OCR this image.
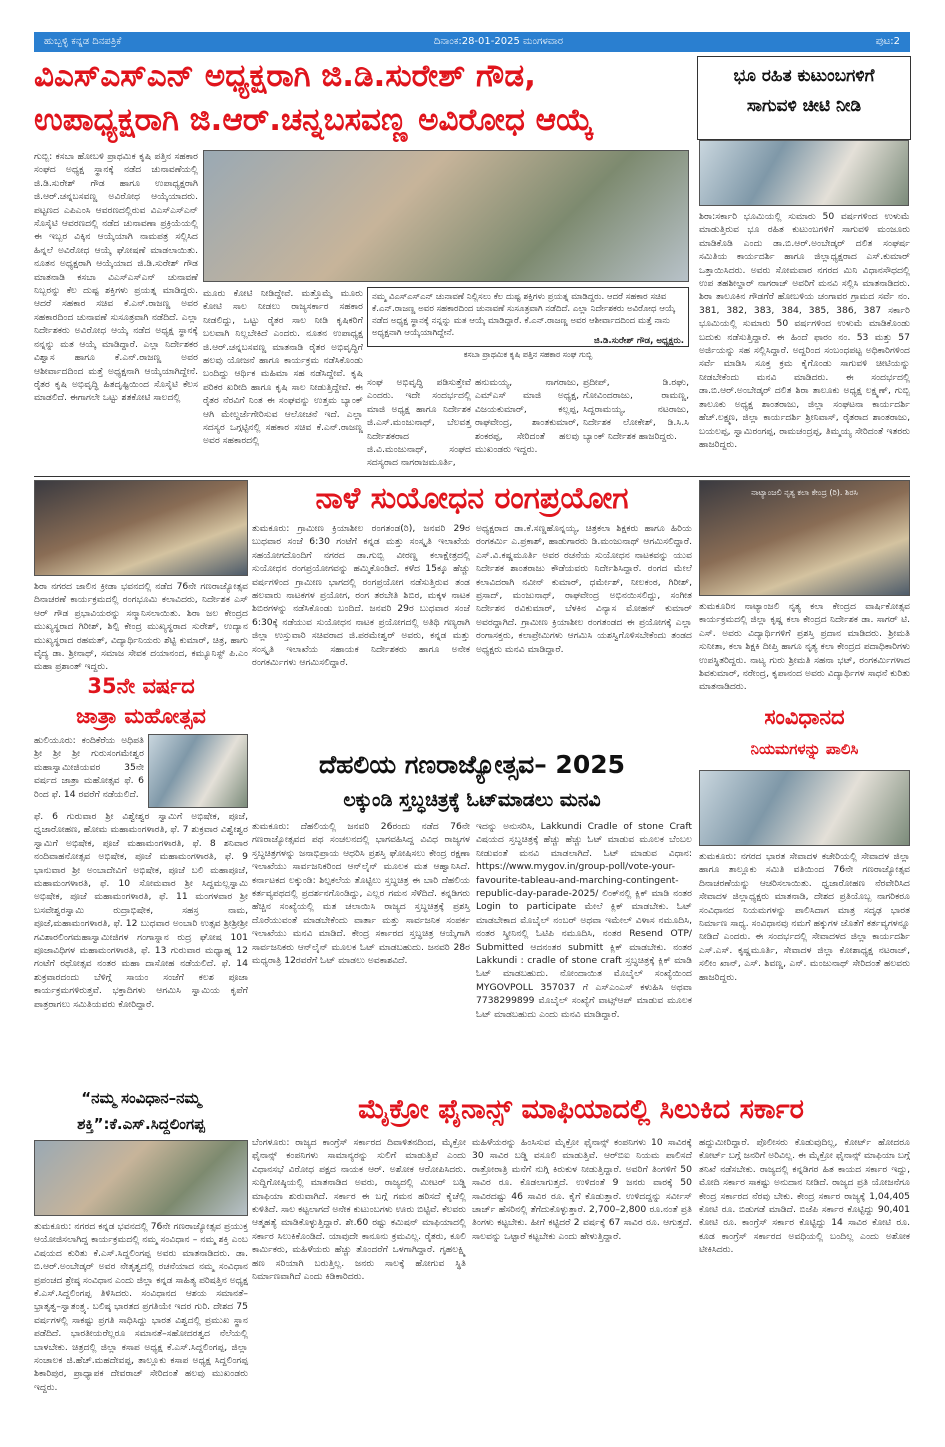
ಹುಬ್ಬಳ್ಳಿ ಕನ್ನಡ ದಿನಪತ್ರಿಕೆ	ದಿನಾಂಕ:28-01-2025 ಮಂಗಳವಾರ	ಪುಟ:2
ವಿಎಸ್ಎಸ್ಎನ್ ಅಧ್ಯಕ್ಷರಾಗಿ ಜಿ.ಡಿ.ಸುರೇಶ್ ಗೌಡ,
ಉಪಾಧ್ಯಕ್ಷರಾಗಿ ಜಿ.ಆರ್.ಚನ್ನಬಸವಣ್ಣ ಅವಿರೋಧ ಆಯ್ಕೆ
ಭೂ ರಹಿತ ಕುಟುಂಬಗಳಿಗೆ
ಸಾಗುವಳಿ ಚೀಟಿ ನೀಡಿ
ಶಿರಾ:ಸರ್ಕಾರಿ ಭೂಮಿಯಲ್ಲಿ ಸುಮಾರು 50 ವರ್ಷಗಳಿಂದ ಉಳುಮೆ ಮಾಡುತ್ತಿರುವ ಭೂ ರಹಿತ ಕುಟುಂಬಗಳಿಗೆ ಸಾಗುವಳಿ ಮಂಜೂರು ಮಾಡಿಕೊಡಿ ಎಂದು ಡಾ.ಬಿ.ಆರ್.ಅಂಬೇಡ್ಕರ್ ದಲಿತ ಸಂಘರ್ಷ ಸಮಿತಿಯ ಕಾರ್ಯದರ್ಶಿ ಹಾಗೂ ಜಿಲ್ಲಾಧ್ಯಕ್ಷರಾದ ಎಸ್.ಕುಮಾರ್ ಒತ್ತಾಯಿಸಿದರು. ಅವರು ಸೋಮವಾರ ನಗರದ ಮಿನಿ ವಿಧಾನಸೌಧದಲ್ಲಿ ಉಪ ತಹಶೀಲ್ದಾರ್ ನಾಗರಾಜ್ ಅವರಿಗೆ ಮನವಿ ಸಲ್ಲಿಸಿ ಮಾತನಾಡಿದರು. ಶಿರಾ ತಾಲೂಕಿನ ಗೌಡಗೆರೆ ಹೋಬಳಿಯ ಚಂಗಾವರ ಗ್ರಾಮದ ಸರ್ವೆ ನಂ. 381, 382, 383, 384, 385, 386, 387 ಸರ್ಕಾರಿ ಭೂಮಿಯಲ್ಲಿ ಸುಮಾರು 50 ವರ್ಷಗಳಿಂದ ಉಳುಮೆ ಮಾಡಿಕೊಂಡು ಬದುಕು ನಡೆಸುತ್ತಿದ್ದಾರೆ. ಈ ಹಿಂದೆ ಫಾರಂ ನಂ. 53 ಮತ್ತು 57 ಅರ್ಜಿಯನ್ನು ಸಹ ಸಲ್ಲಿಸಿದ್ದಾರೆ. ಅದ್ದರಿಂದ ಸಂಬಂಧಪಟ್ಟ ಅಧಿಕಾರಿಗಳಿಂದ ಸರ್ವೆ ಮಾಡಿಸಿ ಸೂಕ್ತ ಕ್ರಮ ಕೈಗೊಂಡು ಸಾಗುವಳಿ ಚೀಟಿಯನ್ನು ನೀಡಬೇಕೆಂದು ಮನವಿ ಮಾಡಿದರು. ಈ ಸಂದರ್ಭದಲ್ಲಿ ಡಾ.ಬಿ.ಆರ್.ಅಂಬೇಡ್ಕರ್ ದಲಿತ ಶಿರಾ ತಾಲೂಕು ಅಧ್ಯಕ್ಷ ಲಕ್ಷ್ಮಣ್, ಗುಬ್ಬಿ ತಾಲೂಕು ಅಧ್ಯಕ್ಷ ಶಾಂತರಾಜು, ಜಿಲ್ಲಾ ಸಂಘಟನಾ ಕಾರ್ಯದರ್ಶಿ ಹೆಚ್.ಲಕ್ಷ್ಮಣ, ಜಿಲ್ಲಾ ಕಾರ್ಯದರ್ಶಿ ಶ್ರೀನಿವಾಸ್, ರೈತರಾದ ಶಾಂತರಾಜು, ಬಯಲಪ್ಪ, ಸ್ವಾಮಿರಂಗಪ್ಪ, ರಾಮಚಂದ್ರಪ್ಪ, ತಿಮ್ಮಯ್ಯ ಸೇರಿದಂತೆ ಇತರರು ಹಾಜರಿದ್ದರು.
ಗುಬ್ಬಿ: ಕಸಬಾ ಹೋಬಳಿ ಪ್ರಾಥಮಿಕ ಕೃಷಿ ಪತ್ತಿನ ಸಹಕಾರ ಸಂಘದ ಅಧ್ಯಕ್ಷ ಸ್ಥಾನಕ್ಕೆ ನಡೆದ ಚುನಾವಣೆಯಲ್ಲಿ ಜಿ.ಡಿ.ಸುರೇಶ್ ಗೌಡ ಹಾಗೂ ಉಪಾಧ್ಯಕ್ಷರಾಗಿ ಜಿ.ಆರ್.ಚನ್ನಬಸವಣ್ಣ ಅವಿರೋಧ ಆಯ್ಕೆಯಾದರು. ಪಟ್ಟಣದ ಎಪಿಎಂಸಿ ಆವರಣದಲ್ಲಿರುವ ವಿಎಸ್ಎಸ್ಎನ್ ಸೊಸೈಟಿ ಆವರಣದಲ್ಲಿ ನಡೆದ ಚುನಾವಣಾ ಪ್ರಕ್ರಿಯೆಯಲ್ಲಿ ಈ ಇಬ್ಬರ ವಿಕ್ಕಿನ ಆಯ್ಕೆಯಾಗಿ ನಾಮಪತ್ರ ಸಲ್ಲಿಸಿದ ಹಿನ್ನಲೆ ಅವಿರೋಧ ಆಯ್ಕೆ ಘೋಷಣೆ ಮಾಡಲಾಯಿತು. ನೂತನ ಅಧ್ಯಕ್ಷರಾಗಿ ಆಯ್ಕೆಯಾದ ಜಿ.ಡಿ.ಸುರೇಶ್ ಗೌಡ ಮಾತನಾಡಿ ಕಸಬಾ ವಿಎಸ್ಎಸ್ಎನ್ ಚುನಾವಣೆ ನಿಬ್ಬರನ್ನು ಕೆಲ ದುಷ್ಟ ಶಕ್ತಿಗಳು ಪ್ರಯತ್ನ ಮಾಡಿದ್ದರು. ಆದರೆ ಸಹಕಾರ ಸಚಿವ ಕೆ.ಎನ್.ರಾಜಣ್ಣ ಅವರ ಸಹಕಾರದಿಂದ ಚುನಾವಣೆ ಸುಸೂತ್ರವಾಗಿ ನಡೆದಿದೆ. ಎಲ್ಲಾ ನಿರ್ದೇಶಕರು ಅವಿರೋಧ ಆಯ್ಕೆ ನಡೆದ ಅಧ್ಯಕ್ಷ ಸ್ಥಾನಕ್ಕೆ ನನ್ನನ್ನು ಮತ ಆಯ್ಕೆ ಮಾಡಿದ್ದಾರೆ. ಎಲ್ಲಾ ನಿರ್ದೇಶಕರ ವಿಶ್ವಾಸ ಹಾಗೂ ಕೆ.ಎನ್.ರಾಜಣ್ಣ ಅವರ ಆಶೀರ್ವಾದದಿಂದ ಮತ್ತೆ ಅಧ್ಯಕ್ಷನಾಗಿ ಆಯ್ಕೆಯಾಗಿದ್ದೇನೆ. ರೈತರ ಕೃಷಿ ಅಭಿವೃದ್ಧಿ ಹಿತದೃಷ್ಟಿಯಿಂದ ಸೊಸೈಟಿ ಕೆಲಸ ಮಾಡಲಿದೆ. ಈಗಾಗಲೇ ಒಟ್ಟು ಶತಕೋಟಿ ಸಾಲದಲ್ಲಿ
ಮೂರು ಕೋಟಿ ನೀಡಿದ್ದೇವೆ. ಮತ್ತೊಮ್ಮೆ ಮೂರು ಕೋಟಿ ಸಾಲ ನೀಡಲು ರಾಜ್ಯಸರ್ಕಾರ ಸಹಕಾರ ನೀಡಲಿದ್ದು, ಒಟ್ಟು ರೈತರ ಸಾಲ ನೀಡಿ ಕೃಷಿಕರಿಗೆ ಬಲವಾಗಿ ನಿಲ್ಲಬೇಕಿದೆ ಎಂದರು. ನೂತನ ಉಪಾಧ್ಯಕ್ಷ ಜಿ.ಆರ್.ಚನ್ನಬಸವಣ್ಣ ಮಾತನಾಡಿ ರೈತರ ಅಭಿವೃದ್ಧಿಗೆ ಹಲವು ಯೋಜನೆ ಹಾಗೂ ಕಾರ್ಯಕ್ರಮ ನಡೆಸಿಕೊಂಡು ಬಂದಿದ್ದು ಆರ್ಥಿಕ ಮಹಿಮಾ ಸಹ ನಡೆಸಿದ್ದೇವೆ. ಕೃಷಿ ಪರಿಕರ ಖರೀದಿ ಹಾಗೂ ಕೃಷಿ ಸಾಲ ನೀಡುತ್ತಿದ್ದೇವೆ. ಈ ರೈತರ ನೆರವಿಗೆ ನಿಂತ ಈ ಸಂಘವನ್ನು ಉತ್ತಮ ಬ್ಯಾಂಕ್ ಆಗಿ ಮೇಲ್ದರ್ಜೆಗೇರಿಸುವ ಆಲೋಚನೆ ಇದೆ. ಎಲ್ಲಾ ಸದಸ್ಯರ ಒಗ್ಗಟ್ಟಿನಲ್ಲಿ ಸಹಕಾರ ಸಚಿವ ಕೆ.ಎನ್.ರಾಜಣ್ಣ ಅವರ ಸಹಕಾರದಲ್ಲಿ
ನಮ್ಮ ವಿಎಸ್ಎಸ್ಎನ್ ಚುನಾವಣೆ ನಿಲ್ಲಿಸಲು ಕೆಲ ದುಷ್ಟ ಶಕ್ತಿಗಳು ಪ್ರಯತ್ನ ಮಾಡಿದ್ದರು. ಆದರೆ ಸಹಕಾರ ಸಚಿವ ಕೆ.ಎನ್.ರಾಜಣ್ಣ ಅವರ ಸಹಕಾರದಿಂದ ಚುನಾವಣೆ ಸುಸೂತ್ರವಾಗಿ ನಡೆದಿದೆ. ಎಲ್ಲಾ ನಿರ್ದೇಶಕರು ಅವಿರೋಧ ಆಯ್ಕೆ ನಡೆದ ಅಧ್ಯಕ್ಷ ಸ್ಥಾನಕ್ಕೆ ನನ್ನನ್ನು ಮತ ಆಯ್ಕೆ ಮಾಡಿದ್ದಾರೆ. ಕೆ.ಎನ್.ರಾಜಣ್ಣ ಅವರ ಆಶೀರ್ವಾದದಿಂದ ಮತ್ತೆ ನಾನು ಅಧ್ಯಕ್ಷನಾಗಿ ಆಯ್ಕೆಯಾಗಿದ್ದೇನೆ.
ಜಿ.ಡಿ.ಸುರೇಶ್ ಗೌಡ, ಅಧ್ಯಕ್ಷರು.
ಕಸಬಾ ಪ್ರಾಥಮಿಕ ಕೃಷಿ ಪತ್ತಿನ ಸಹಕಾರ ಸಂಘ ಗುಬ್ಬಿ
ಸಂಘ ಅಭಿವೃದ್ಧಿ ಪಡಿಸುತ್ತೇವೆ ಎಂದರು. ಇದೇ ಸಂದರ್ಭದಲ್ಲಿ ಮಾಜಿ ಅಧ್ಯಕ್ಷ ಹಾಗೂ ನಿರ್ದೇಶಕ ಜಿ.ಎಸ್.ಮಂಜುನಾಥ್, ಬೆಲವತ್ತ ನಿರ್ದೇಶಕರಾದ ಜಿ.ವಿ.ಮಂಜುನಾಥ್, ಸಂಘದ ಸದಸ್ಯರಾದ ನಾಗರಾಜಮೂರ್ತಿ,
ಹನುಮಯ್ಯ, ನಾಗರಾಜು, ಎಮ್‌ಎಸ್ ಮಾಜಿ ಅಧ್ಯಕ್ಷ, ವಿಜಯಕುಮಾರ್, ಕಲ್ಲಪ್ಪ, ರಾಘವೇಂದ್ರ, ಶಾಂತಕುಮಾರ್, ಶಂಕರಪ್ಪ, ಸೇರಿದಂತೆ ಹಲವು ಮುಖಂಡರು ಇದ್ದರು.
ಪ್ರದೀಪ್, ಡಿ.ರಘು, ಗೋವಿಂದರಾಜು, ರಾಮಣ್ಣ, ಸಿದ್ದರಾಮಯ್ಯ, ನಟರಾಜು, ನಿರ್ದೇಶಕ ಲೋಕೇಶ್, ಡಿ.ಸಿ.ಸಿ ಬ್ಯಾಂಕ್ ನಿರ್ದೇಶಕ ಹಾಜರಿದ್ದರು.
ಶಿರಾ ನಗರದ ಜಾಲಿನ ಕ್ರೀಡಾ ಭವನದಲ್ಲಿ ನಡೆದ 76ನೇ ಗಣರಾಜ್ಯೋತ್ಸವ ದಿನಾಚರಣೆ ಕಾರ್ಯಕ್ರಮದಲ್ಲಿ ರಂಗಭೂಮಿ ಕಲಾವಿದರು, ನಿರ್ದೇಶಕ ಎಸ್ ಆರ್ ಗೌಡ ಪ್ರಭಾವಿಯರನ್ನು ಸನ್ಮಾನಿಸಲಾಯಿತು. ಶಿರಾ ಜಲ ಕೇಂದ್ರದ ಮುಖ್ಯಸ್ಥರಾದ ಗಿರೀಶ್, ಶಿಲ್ಪಿ ಕೇಂದ್ರ ಮುಖ್ಯಸ್ಥರಾದ ಸುರೇಶ್, ಉದ್ಯಾನ ಮುಖ್ಯಸ್ಥರಾದ ರಹಮತ್, ವಿದ್ಯಾರ್ಥಿನಿಯರು ಶೆಟ್ಟಿ ಕುಮಾರ್, ಚಿತ್ರ, ಹಾಗು ವೈದ್ಯ ಡಾ. ಶ್ರೀನಾಥ್, ಸಮಾಜ ಸೇವಕ ದಯಾನಂದ, ಕಮ್ಯೂನಿಸ್ಟ್ ಪಿ.ಎಂ ಮಹಾ ಪ್ರಶಾಂತ್ ಇದ್ದರು.
ನಾಳೆ ಸುಯೋಧನ ರಂಗಪ್ರಯೋಗ
ತುಮಕೂರು: ಗ್ರಾಮೀಣ ಕ್ರಿಯಾಶೀಲ ರಂಗತಂಡ(ರಿ), ಜನವರಿ 29ರ ಬುಧವಾರ ಸಂಜೆ 6:30 ಗಂಟೆಗೆ ಕನ್ನಡ ಮತ್ತು ಸಂಸ್ಕೃತಿ ಇಲಾಖೆಯ ಸಹಯೋಗದೊಂದಿಗೆ ನಗರದ ಡಾ.ಗುಬ್ಬಿ ವೀರಣ್ಣ ಕಲಾಕ್ಷೇತ್ರದಲ್ಲಿ ಸುಯೋಧನ ರಂಗಪ್ರಯೋಗವನ್ನು ಹಮ್ಮಿಕೊಂಡಿದೆ. ಕಳೆದ 15ಕ್ಕೂ ಹೆಚ್ಚು ವರ್ಷಗಳಿಂದ ಗ್ರಾಮೀಣ ಭಾಗದಲ್ಲಿ ರಂಗಪ್ರಯೋಗ ನಡೆಸುತ್ತಿರುವ ತಂಡ ಹಲವಾರು ನಾಟಕಗಳ ಪ್ರಯೋಗ, ರಂಗ ತರಬೇತಿ ಶಿಬಿರ, ಮಕ್ಕಳ ನಾಟಕ ಶಿಬಿರಗಳನ್ನು ನಡೆಸಿಕೊಂಡು ಬಂದಿದೆ. ಜನವರಿ 29ರ ಬುಧವಾರ ಸಂಜೆ 6:30ಕ್ಕೆ ನಡೆಯುವ ಸುಯೋಧನ ನಾಟಕ ಪ್ರಯೋಗದಲ್ಲಿ ಅತಿಥಿ ಗಣ್ಯರಾಗಿ ಜಿಲ್ಲಾ ಉಸ್ತುವಾರಿ ಸಚಿವರಾದ ಜಿ.ಪರಮೇಶ್ವರ್ ಅವರು, ಕನ್ನಡ ಮತ್ತು ಸಂಸ್ಕೃತಿ ಇಲಾಖೆಯ ಸಹಾಯಕ ನಿರ್ದೇಶಕರು ಹಾಗೂ ಅನೇಕ ರಂಗಕರ್ಮಿಗಳು ಆಗಮಿಸಲಿದ್ದಾರೆ.
ಅಧ್ಯಕ್ಷರಾದ ಡಾ.ಕೆ.ಸಣ್ಣಹೊನ್ನಯ್ಯ, ಚಿತ್ರಕಲಾ ಶಿಕ್ಷಕರು ಹಾಗೂ ಹಿರಿಯ ರಂಗಕರ್ಮಿ ಎ.ಪ್ರಕಾಶ್, ಹಾಡುಗಾರರು ಡಿ.ಮಂಜುನಾಥ್ ಆಗಮಿಸಲಿದ್ದಾರೆ. ಎಸ್.ವಿ.ಕಷ್ಣಮೂರ್ತಿ ಅವರ ರಚನೆಯ ಸುಯೋಧನ ನಾಟಕವನ್ನು ಯುವ ನಿರ್ದೇಶಕ ಶಾಂತರಾಜು ಕೌಡೆಯವರು ನಿರ್ದೇಶಿಸಿದ್ದಾರೆ. ರಂಗದ ಮೇಲೆ ಕಲಾವಿದರಾಗಿ ನವೀನ್ ಕುಮಾರ್, ಧರ್ಮೇಶ್, ನೀಲಕಂಠ, ಗಿರೀಶ್, ಪ್ರಸಾದ್, ಮಂಜುನಾಥ್, ರಾಘವೇಂದ್ರ ಅಭಿನಯಿಸಲಿದ್ದು, ಸಂಗೀತ ನಿರ್ದೇಶನ ರವಿಕುಮಾರ್, ಬೆಳಕಿನ ವಿನ್ಯಾಸ ಮೋಹನ್ ಕುಮಾರ್ ಅವರದ್ದಾಗಿದೆ. ಗ್ರಾಮೀಣ ಕ್ರಿಯಾಶೀಲ ರಂಗತಂಡದ ಈ ಪ್ರಯೋಗಕ್ಕೆ ಎಲ್ಲಾ ರಂಗಾಸಕ್ತರು, ಕಲಾಪ್ರೇಮಿಗಳು ಆಗಮಿಸಿ ಯಶಸ್ವಿಗೊಳಿಸಬೇಕೆಂದು ತಂಡದ ಅಧ್ಯಕ್ಷರು ಮನವಿ ಮಾಡಿದ್ದಾರೆ.
ನಾಟ್ಯಾಂಜಲಿ ನೃತ್ಯ ಕಲಾ ಕೇಂದ್ರ (ರಿ). ಶಿರಸಿ
ತುಮಕೂರಿನ ನಾಟ್ಯಾಂಜಲಿ ನೃತ್ಯ ಕಲಾ ಕೇಂದ್ರದ ವಾರ್ಷಿಕೋತ್ಸವ ಕಾರ್ಯಕ್ರಮದಲ್ಲಿ ಜಿಲ್ಲಾ ಕೃಷ್ಣ ಕಲಾ ಕೇಂದ್ರದ ನಿರ್ದೇಶಕ ಡಾ. ಸಾಗರ್ ಟಿ. ಎಸ್. ಅವರು ವಿದ್ಯಾರ್ಥಿಗಳಿಗೆ ಪ್ರಶಸ್ತಿ ಪ್ರದಾನ ಮಾಡಿದರು. ಶ್ರೀಮತಿ ಸುನೀತಾ, ಕಲಾ ಶಿಕ್ಷಕಿ ದೀಪ್ತಿ ಹಾಗೂ ನೃತ್ಯ ಕಲಾ ಕೇಂದ್ರದ ಪದಾಧಿಕಾರಿಗಳು ಉಪಸ್ಥಿತರಿದ್ದರು. ನಾಟ್ಯ ಗುರು ಶ್ರೀಮತಿ ಸಹನಾ ಭಟ್, ರಂಗಕರ್ಮಿಗಳಾದ ಶಿವಕುಮಾರ್, ನರೇಂದ್ರ, ಕೃಪಾನಂದ ಅವರು ವಿದ್ಯಾರ್ಥಿಗಳ ಸಾಧನೆ ಕುರಿತು ಮಾತನಾಡಿದರು.
35ನೇ ವರ್ಷದ
ಜಾತ್ರಾ ಮಹೋತ್ಸವ
ಹುಲಿಯೂರು: ಕಂದಿಕೆರೆಯ ಅಧಿಪತಿ ಶ್ರೀ ಶ್ರೀ ಶ್ರೀ ಗುರುಸಂಗಮೇಶ್ವರ ಮಹಾಸ್ವಾಮೀಜಿಯವರ 35ನೇ ವರ್ಷದ ಜಾತ್ರಾ ಮಹೋತ್ಸವ ಫೆ. 6 ರಿಂದ ಫೆ. 14 ರವರೆಗೆ ನಡೆಯಲಿದೆ.
ಫೆ. 6 ಗುರುವಾರ ಶ್ರೀ ವಿಶ್ವೇಶ್ವರ ಸ್ವಾಮಿಗೆ ಅಭಿಷೇಕ, ಪೂಜೆ, ಧ್ವಜಾರೋಹಣ, ಹೋಮ ಮಹಾಮಂಗಳಾರತಿ, ಫೆ. 7 ಶುಕ್ರವಾರ ವಿಶ್ವೇಶ್ವರ ಸ್ವಾಮಿಗೆ ಅಭಿಷೇಕ, ಪೂಜೆ ಮಹಾಮಂಗಳಾರತಿ, ಫೆ. 8 ಶನಿವಾರ ನಂದಿವಾಹನೋತ್ಸವ ಅಭಿಷೇಕ, ಪೂಜೆ ಮಹಾಮಂಗಳಾರತಿ, ಫೆ. 9 ಭಾನುವಾರ ಶ್ರೀ ಅಂಬಾದೇವಿಗೆ ಅಭಿಷೇಕ, ಪೂಜೆ ಬಲಿ ಮಹಾಪೂಜೆ, ಮಹಾಮಂಗಳಾರತಿ, ಫೆ. 10 ಸೋಮವಾರ ಶ್ರೀ ಸಿದ್ದಮಲ್ಲಸ್ವಾಮಿ ಅಭಿಷೇಕ, ಪೂಜೆ ಮಹಾಮಂಗಳಾರತಿ, ಫೆ. 11 ಮಂಗಳವಾರ ಶ್ರೀ ಬಸವೇಶ್ವರಸ್ವಾಮಿ ರುದ್ರಾಭಿಷೇಕ, ಸಹಸ್ರ ನಾಮ, ಪೂಜೆ,ಮಹಾಮಂಗಳಾರತಿ, ಫೆ. 12 ಬುಧವಾರ ಅಂಬಾರಿ ಉತ್ಸವ ಶ್ರೀಶ್ರೀಶ್ರೀ ಗವಿಶಾರಲಿಂಗಮಹಾಸ್ವಾಮೀಜಿಗಳ ಗಂಗಾಸ್ನಾನ ರುದ್ರ ಘೋಷ 101 ಪೂಜಾವಿಧಿಗಳ ಮಹಾಮಂಗಳಾರತಿ, ಫೆ. 13 ಗುರುವಾರ ಮಧ್ಯಾಹ್ನ 12 ಗಂಟೆಗೆ ರಥೋತ್ಸವ ನಂತರ ಮಹಾ ದಾಸೋಹ ನಡೆಯಲಿದೆ. ಫೆ. 14 ಶುಕ್ರವಾರದಂದು ಬೆಳಿಗ್ಗೆ ಸಾಯಂ ಸಂಜೆಗೆ ಕಲಶ ಪೂಜಾ ಕಾರ್ಯಕ್ರಮಗಳಿರುತ್ತವೆ. ಭಕ್ತಾದಿಗಳು ಆಗಮಿಸಿ ಸ್ವಾಮಿಯ ಕೃಪೆಗೆ ಪಾತ್ರರಾಗಲು ಸಮಿತಿಯವರು ಕೋರಿದ್ದಾರೆ.
ಸಂವಿಧಾನದ
ನಿಯಮಗಳನ್ನು ಪಾಲಿಸಿ
ತುಮಕೂರು: ನಗರದ ಭಾರತ ಸೇವಾದಳ ಕಚೇರಿಯಲ್ಲಿ ಸೇವಾದಳ ಜಿಲ್ಲಾ ಹಾಗೂ ತಾಲ್ಲೂಕು ಸಮಿತಿ ವತಿಯಿಂದ 76ನೇ ಗಣರಾಜ್ಯೋತ್ಸವ ದಿನಾಚರಣೆಯನ್ನು ಆಚರಿಸಲಾಯಿತು. ಧ್ವಜಾರೋಹಣ ನೆರವೇರಿಸಿದ ಸೇವಾದಳ ಜಿಲ್ಲಾಧ್ಯಕ್ಷರು ಮಾತನಾಡಿ, ದೇಶದ ಪ್ರತಿಯೊಬ್ಬ ನಾಗರಿಕರೂ ಸಂವಿಧಾನದ ನಿಯಮಗಳನ್ನು ಪಾಲಿಸಿದಾಗ ಮಾತ್ರ ಸದೃಢ ಭಾರತ ನಿರ್ಮಾಣ ಸಾಧ್ಯ. ಸಂವಿಧಾನವು ನಮಗೆ ಹಕ್ಕುಗಳ ಜೊತೆಗೆ ಕರ್ತವ್ಯಗಳನ್ನೂ ನೀಡಿದೆ ಎಂದರು. ಈ ಸಂದರ್ಭದಲ್ಲಿ ಸೇವಾದಳದ ಜಿಲ್ಲಾ ಕಾರ್ಯದರ್ಶಿ ಎಸ್.ಎಸ್. ಕೃಷ್ಣಮೂರ್ತಿ, ಸೇವಾದಳ ಜಿಲ್ಲಾ ಕೋಶಾಧ್ಯಕ್ಷ ನಟರಾಜ್, ಸಲೀಂ ಖಾನ್, ಎಸ್. ಶಿವಣ್ಣ, ಎನ್. ಮಂಜುನಾಥ್ ಸೇರಿದಂತೆ ಹಲವರು ಹಾಜರಿದ್ದರು.
ದೆಹಲಿಯ ಗಣರಾಜ್ಯೋತ್ಸವ– 2025
ಲಕ್ಕುಂಡಿ ಸ್ತಬ್ಧಚಿತ್ರಕ್ಕೆ ಓಟ್‌ಮಾಡಲು ಮನವಿ
ತುಮಕೂರು: ದೆಹಲಿಯಲ್ಲಿ ಜನವರಿ 26ರಂದು ನಡೆದ 76ನೇ ಗಣರಾಜ್ಯೋತ್ಸವದ ಪಥ ಸಂಚಲನದಲ್ಲಿ ಭಾಗವಹಿಸಿದ್ದ ವಿವಿಧ ರಾಜ್ಯಗಳ ಸ್ತಬ್ಧಚಿತ್ರಗಳನ್ನು ಜನಾಭಿಪ್ರಾಯ ಆಧರಿಸಿ ಪ್ರಶಸ್ತಿ ಘೋಷಿಸಲು ಕೇಂದ್ರ ರಕ್ಷಣಾ ಇಲಾಖೆಯು ಸಾರ್ವಜನಿಕರಿಂದ ಆನ್‌ಲೈನ್ ಮೂಲಕ ಮತ ಆಹ್ವಾನಿಸಿದೆ. ಕರ್ನಾಟಕದ ಲಕ್ಕುಂಡಿ: ಶಿಲ್ಪಕಲೆಯ ತೊಟ್ಟಿಲು ಸ್ತಬ್ಧಚಿತ್ರ ಈ ಬಾರಿ ದೆಹಲಿಯ ಕರ್ತವ್ಯಪಥದಲ್ಲಿ ಪ್ರದರ್ಶನಗೊಂಡಿದ್ದು, ಎಲ್ಲರ ಗಮನ ಸೆಳೆದಿದೆ. ಕನ್ನಡಿಗರು ಹೆಚ್ಚಿನ ಸಂಖ್ಯೆಯಲ್ಲಿ ಮತ ಚಲಾಯಿಸಿ ರಾಜ್ಯದ ಸ್ತಬ್ಧಚಿತ್ರಕ್ಕೆ ಪ್ರಶಸ್ತಿ ದೊರೆಯುವಂತೆ ಮಾಡಬೇಕೆಂದು ವಾರ್ತಾ ಮತ್ತು ಸಾರ್ವಜನಿಕ ಸಂಪರ್ಕ ಇಲಾಖೆಯು ಮನವಿ ಮಾಡಿದೆ. ಕೇಂದ್ರ ಸರ್ಕಾರದ ಸ್ತಬ್ಧಚಿತ್ರ ಆಯ್ಕೆಗಾಗಿ ಸಾರ್ವಜನಿಕರು ಆನ್‌ಲೈನ್ ಮೂಲಕ ಓಟ್ ಮಾಡಬಹುದು. ಜನವರಿ 28ರ ಮಧ್ಯರಾತ್ರಿ 12ರವರೆಗೆ ಓಟ್ ಮಾಡಲು ಅವಕಾಶವಿದೆ.
ಇದನ್ನು ಅನುಸರಿಸಿ, Lakkundi Cradle of stone Craft ವಿಷಯದ ಸ್ತಬ್ಧಚಿತ್ರಕ್ಕೆ ಹೆಚ್ಚು ಹೆಚ್ಚು ಓಟ್ ಮಾಡುವ ಮೂಲಕ ಬೆಂಬಲ ನೀಡುವಂತೆ ಮನವಿ ಮಾಡಲಾಗಿದೆ. ಓಟ್ ಮಾಡುವ ವಿಧಾನ: https://www.mygov.in/group-poll/vote-your-favourite-tableau-and-marching-contingent-republic-day-parade-2025/ ಲಿಂಕ್‌ನಲ್ಲಿ ಕ್ಲಿಕ್ ಮಾಡಿ ನಂತರ Login to participate ಮೇಲೆ ಕ್ಲಿಕ್ ಮಾಡಬೇಕು. ಓಟ್ ಮಾಡಬೇಕಾದ ಮೊಬೈಲ್ ನಂಬರ್ ಅಥವಾ ಇಮೇಲ್ ವಿಳಾಸ ನಮೂದಿಸಿ, ನಂತರ ಸ್ಕ್ರೀನಿನಲ್ಲಿ ಓಟಿಪಿ ನಮೂದಿಸಿ, ನಂತರ Resend OTP/ Submitted ಆದನಂತರ submitt ಕ್ಲಿಕ್ ಮಾಡಬೇಕು. ನಂತರ Lakkundi : cradle of stone craft ಸ್ತಬ್ಧಚಿತ್ರಕ್ಕೆ ಕ್ಲಿಕ್ ಮಾಡಿ ಓಟ್ ಮಾಡಬಹುದು. ನೋಂದಾಯಿತ ಮೊಬೈಲ್ ಸಂಖ್ಯೆಯಿಂದ MYGOVPOLL 357037 ಗೆ ಎಸ್‌ಎಂಎಸ್ ಕಳುಹಿಸಿ ಅಥವಾ 7738299899 ಮೊಬೈಲ್ ಸಂಖ್ಯೆಗೆ ವಾಟ್ಸ್‌ಆಪ್ ಮಾಡುವ ಮೂಲಕ ಓಟ್ ಮಾಡಬಹುದು ಎಂದು ಮನವಿ ಮಾಡಿದ್ದಾರೆ.
“ನಮ್ಮ ಸಂವಿಧಾನ–ನಮ್ಮ
ಶಕ್ತಿ”:ಕೆ.ಎಸ್.ಸಿದ್ದಲಿಂಗಪ್ಪ
ತುಮಕೂರು: ನಗರದ ಕನ್ನಡ ಭವನದಲ್ಲಿ 76ನೇ ಗಣರಾಜ್ಯೋತ್ಸವ ಪ್ರಯುಕ್ತ ಆಯೋಜಿಸಲಾಗಿದ್ದ ಕಾರ್ಯಕ್ರಮದಲ್ಲಿ ನಮ್ಮ ಸಂವಿಧಾನ – ನಮ್ಮ ಶಕ್ತಿ ಎಂಬ ವಿಷಯದ ಕುರಿತು ಕೆ.ಎಸ್.ಸಿದ್ದಲಿಂಗಪ್ಪ ಅವರು ಮಾತನಾಡಿದರು. ಡಾ. ಬಿ.ಆರ್.ಅಂಬೇಡ್ಕರ್ ಅವರ ನೇತೃತ್ವದಲ್ಲಿ ರಚನೆಯಾದ ನಮ್ಮ ಸಂವಿಧಾನ ಪ್ರಪಂಚದ ಶ್ರೇಷ್ಠ ಸಂವಿಧಾನ ಎಂದು ಜಿಲ್ಲಾ ಕನ್ನಡ ಸಾಹಿತ್ಯ ಪರಿಷತ್ತಿನ ಅಧ್ಯಕ್ಷ ಕೆ.ಎಸ್.ಸಿದ್ದಲಿಂಗಪ್ಪ ತಿಳಿಸಿದರು. ಸಂವಿಧಾನದ ಆಶಯ ಸಮಾನತೆ–ಭ್ರಾತೃತ್ವ–ಸ್ವಾತಂತ್ರ್ಯ. ಬಲಿಷ್ಠ ಭಾರತದ ಪ್ರಗತಿಯೇ ಇದರ ಗುರಿ. ದೇಶದ 75 ವರ್ಷಗಳಲ್ಲಿ ಸಾಕಷ್ಟು ಪ್ರಗತಿ ಸಾಧಿಸಿದ್ದು ಭಾರತ ವಿಶ್ವದಲ್ಲಿ ಪ್ರಮುಖ ಸ್ಥಾನ ಪಡೆದಿದೆ. ಭಾರತೀಯರೆಲ್ಲರೂ ಸಮಾನತೆ–ಸಹೋದರತ್ವದ ನೆಲೆಯಲ್ಲಿ ಬಾಳಬೇಕು. ಚಿತ್ರದಲ್ಲಿ ಜಿಲ್ಲಾ ಕಸಾಪ ಅಧ್ಯಕ್ಷ ಕೆ.ಎಸ್.ಸಿದ್ದಲಿಂಗಪ್ಪ, ಜಿಲ್ಲಾ ಸಂಚಾಲಕ ಜಿ.ಹೆಚ್.ಮಹದೇವಪ್ಪ, ತಾಲ್ಲೂಕು ಕಸಾಪ ಅಧ್ಯಕ್ಷ ಸಿದ್ದಲಿಂಗಪ್ಪ ಶಿಕಾರಿಪುರ, ಪ್ರಾಧ್ಯಾಪಕ ದೇವರಾಜ್ ಸೇರಿದಂತೆ ಹಲವು ಮುಖಂಡರು ಇದ್ದರು.
ಮೈಕ್ರೋ ಫೈನಾನ್ಸ್ ಮಾಫಿಯಾದಲ್ಲಿ ಸಿಲುಕಿದ ಸರ್ಕಾರ
ಬೆಂಗಳೂರು: ರಾಜ್ಯದ ಕಾಂಗ್ರೆಸ್ ಸರ್ಕಾರದ ದಿವಾಳಿತನದಿಂದ, ಮೈಕ್ರೋ ಫೈನಾನ್ಸ್ ಕಂಪನಿಗಳು ಸಾಮಾನ್ಯರನ್ನು ಸುಲಿಗೆ ಮಾಡುತ್ತಿವೆ ಎಂದು ವಿಧಾನಸಭೆ ವಿರೋಧ ಪಕ್ಷದ ನಾಯಕ ಆರ್. ಅಶೋಕ ಆರೋಪಿಸಿದರು. ಸುದ್ದಿಗೋಷ್ಠಿಯಲ್ಲಿ ಮಾತನಾಡಿದ ಅವರು, ರಾಜ್ಯದಲ್ಲಿ ಮೀಟರ್ ಬಡ್ಡಿ ಮಾಫಿಯಾ ಶುರುವಾಗಿದೆ. ಸರ್ಕಾರ ಈ ಬಗ್ಗೆ ಗಮನ ಹರಿಸದೆ ಕೈಚೆಲ್ಲಿ ಕುಳಿತಿದೆ. ಸಾಲ ಕಟ್ಟಲಾಗದೆ ಅನೇಕ ಕುಟುಂಬಗಳು ಊರು ಬಿಟ್ಟಿವೆ. ಕೆಲವರು ಆತ್ಮಹತ್ಯೆ ಮಾಡಿಕೊಳ್ಳುತ್ತಿದ್ದಾರೆ. ಶೇ.60 ರಷ್ಟು ಕಮಿಷನ್ ಮಾಫಿಯಾದಲ್ಲಿ ಸರ್ಕಾರ ಸಿಲುಕಿಕೊಂಡಿದೆ. ಯಾವುದೇ ಕಾನೂನು ಕ್ರಮವಿಲ್ಲ. ರೈತರು, ಕೂಲಿ ಕಾರ್ಮಿಕರು, ಮಹಿಳೆಯರು ಹೆಚ್ಚು ತೊಂದರೆಗೆ ಒಳಗಾಗಿದ್ದಾರೆ. ಗೃಹಲಕ್ಷ್ಮಿ ಹಣ ಸರಿಯಾಗಿ ಬರುತ್ತಿಲ್ಲ. ಜನರು ಸಾಲಕ್ಕೆ ಹೋಗುವ ಸ್ಥಿತಿ ನಿರ್ಮಾಣವಾಗಿದೆ ಎಂದು ಕಿಡಿಕಾರಿದರು.
ಮಹಿಳೆಯರನ್ನು ಹಿಂಸಿಸುವ ಮೈಕ್ರೋ ಫೈನಾನ್ಸ್ ಕಂಪನಿಗಳು 10 ಸಾವಿರಕ್ಕೆ 30 ಸಾವಿರ ಬಡ್ಡಿ ವಸೂಲಿ ಮಾಡುತ್ತಿವೆ. ಆರ್‌ಬಿಐ ನಿಯಮ ಪಾಲಿಸದೆ ರಾತ್ರೋರಾತ್ರಿ ಮನೆಗೆ ನುಗ್ಗಿ ಕಿರುಕುಳ ನೀಡುತ್ತಿದ್ದಾರೆ. ಅವರಿಗೆ ತಿಂಗಳಿಗೆ 50 ಸಾವಿರ ರೂ. ಕೊಡಲಾಗುತ್ತದೆ. ಉಳಿದಂತೆ 9 ಜನರು ವಾರಕ್ಕೆ 50 ಸಾವಿರದಷ್ಟು 46 ಸಾವಿರ ರೂ. ಕೈಗೆ ಕೊಡುತ್ತಾರೆ. ಉಳಿದದ್ದನ್ನು ಸರ್ವೀಸ್ ಚಾರ್ಜ್ ಹೆಸರಿನಲ್ಲಿ ತೆಗೆದುಕೊಳ್ಳುತ್ತಾರೆ. 2,700–2,800 ರೂ.ನಂತೆ ಪ್ರತಿ ತಿಂಗಳು ಕಟ್ಟಬೇಕು. ಹೀಗೆ ಕಟ್ಟಿದರೆ 2 ವರ್ಷಕ್ಕೆ 67 ಸಾವಿರ ರೂ. ಆಗುತ್ತದೆ. ಸಾಲವನ್ನು ಒಟ್ಟಾರೆ ಕಟ್ಟಬೇಕು ಎಂದು ಹೇಳುತ್ತಿದ್ದಾರೆ.
ಹದ್ದುಮೀರಿದ್ದಾರೆ. ಪೊಲೀಸರು ಕೊಡುವುದಿಲ್ಲ, ಕೋರ್ಟ್ ಹೋದರೂ ಕೋರ್ಟ್ ಬಗ್ಗೆ ಜನರಿಗೆ ಅರಿವಿಲ್ಲ. ಈ ಮೈಕ್ರೋ ಫೈನಾನ್ಸ್ ಮಾಫಿಯಾ ಬಗ್ಗೆ ತನಿಖೆ ನಡೆಸಬೇಕು. ರಾಜ್ಯದಲ್ಲಿ ಕನ್ನಡಿಗರ ಹಿತ ಕಾಯದ ಸರ್ಕಾರ ಇದ್ದು, ಮೋದಿ ಸರ್ಕಾರ ಸಾಕಷ್ಟು ಅನುದಾನ ನೀಡಿದೆ. ರಾಜ್ಯದ ಪ್ರತಿ ಯೋಜನೆಗೂ ಕೇಂದ್ರ ಸರ್ಕಾರದ ನೆರವು ಬೇಕು. ಕೇಂದ್ರ ಸರ್ಕಾರ ರಾಜ್ಯಕ್ಕೆ 1,04,405 ಕೋಟಿ ರೂ. ಬಿಡುಗಡೆ ಮಾಡಿದೆ. ಬಿಜೆಪಿ ಸರ್ಕಾರ ಕೊಟ್ಟಿದ್ದು 90,401 ಕೋಟಿ ರೂ. ಕಾಂಗ್ರೆಸ್ ಸರ್ಕಾರ ಕೊಟ್ಟಿದ್ದು 14 ಸಾವಿರ ಕೋಟಿ ರೂ. ಕೂಡ ಕಾಂಗ್ರೆಸ್ ಸರ್ಕಾರದ ಅವಧಿಯಲ್ಲಿ ಬಂದಿಲ್ಲ ಎಂದು ಅಶೋಕ ಟೀಕಿಸಿದರು.
